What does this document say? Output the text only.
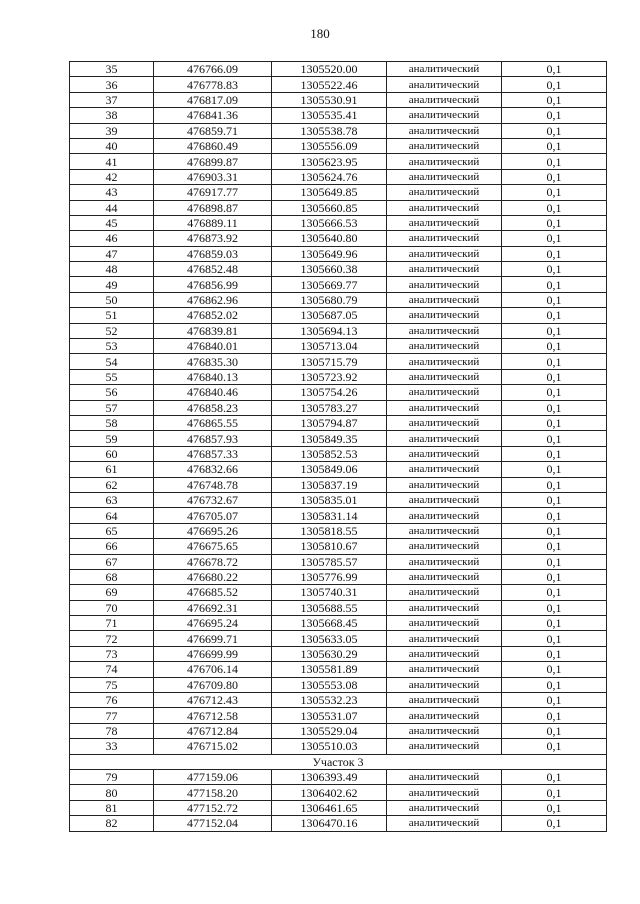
180
35	476766.09	1305520.00	аналитический	0,1
36	476778.83	1305522.46	аналитический	0,1
37	476817.09	1305530.91	аналитический	0,1
38	476841.36	1305535.41	аналитический	0,1
39	476859.71	1305538.78	аналитический	0,1
40	476860.49	1305556.09	аналитический	0,1
41	476899.87	1305623.95	аналитический	0,1
42	476903.31	1305624.76	аналитический	0,1
43	476917.77	1305649.85	аналитический	0,1
44	476898.87	1305660.85	аналитический	0,1
45	476889.11	1305666.53	аналитический	0,1
46	476873.92	1305640.80	аналитический	0,1
47	476859.03	1305649.96	аналитический	0,1
48	476852.48	1305660.38	аналитический	0,1
49	476856.99	1305669.77	аналитический	0,1
50	476862.96	1305680.79	аналитический	0,1
51	476852.02	1305687.05	аналитический	0,1
52	476839.81	1305694.13	аналитический	0,1
53	476840.01	1305713.04	аналитический	0,1
54	476835.30	1305715.79	аналитический	0,1
55	476840.13	1305723.92	аналитический	0,1
56	476840.46	1305754.26	аналитический	0,1
57	476858.23	1305783.27	аналитический	0,1
58	476865.55	1305794.87	аналитический	0,1
59	476857.93	1305849.35	аналитический	0,1
60	476857.33	1305852.53	аналитический	0,1
61	476832.66	1305849.06	аналитический	0,1
62	476748.78	1305837.19	аналитический	0,1
63	476732.67	1305835.01	аналитический	0,1
64	476705.07	1305831.14	аналитический	0,1
65	476695.26	1305818.55	аналитический	0,1
66	476675.65	1305810.67	аналитический	0,1
67	476678.72	1305785.57	аналитический	0,1
68	476680.22	1305776.99	аналитический	0,1
69	476685.52	1305740.31	аналитический	0,1
70	476692.31	1305688.55	аналитический	0,1
71	476695.24	1305668.45	аналитический	0,1
72	476699.71	1305633.05	аналитический	0,1
73	476699.99	1305630.29	аналитический	0,1
74	476706.14	1305581.89	аналитический	0,1
75	476709.80	1305553.08	аналитический	0,1
76	476712.43	1305532.23	аналитический	0,1
77	476712.58	1305531.07	аналитический	0,1
78	476712.84	1305529.04	аналитический	0,1
33	476715.02	1305510.03	аналитический	0,1
Участок 3				
79	477159.06	1306393.49	аналитический	0,1
80	477158.20	1306402.62	аналитический	0,1
81	477152.72	1306461.65	аналитический	0,1
82	477152.04	1306470.16	аналитический	0,1
